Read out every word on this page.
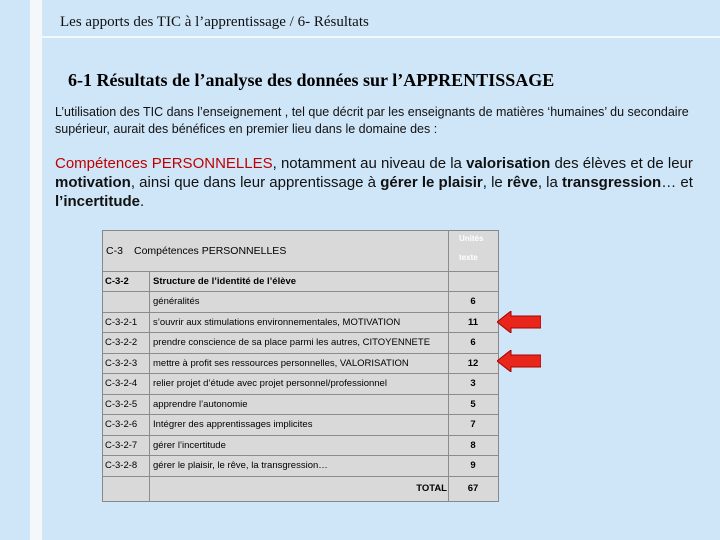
Les apports des TIC à l’apprentissage / 6- Résultats
6-1 Résultats de l’analyse des données sur l’APPRENTISSAGE
L’utilisation des TIC dans l’enseignement , tel que décrit par les enseignants de matières ‘humaines’ du secondaire supérieur, aurait des bénéfices en premier lieu dans le domaine des :
Compétences PERSONNELLES, notamment au niveau de la valorisation des élèves et de leur motivation, ainsi que dans leur apprentissage à gérer le plaisir, le rêve, la transgression… et l’incertitude.
C-3 Compétences PERSONNELLES
Unités
texte
C-3-2	Structure de l’identité de l’élève
généralités	6
C-3-2-1 s’ouvrir aux stimulations environnementales, MOTIVATION	11
C-3-2-2 prendre conscience de sa place parmi les autres, CITOYENNETE	6
C-3-2-3 mettre à profit ses ressources personnelles, VALORISATION	12
C-3-2-4 relier projet d’étude avec projet personnel/professionnel	3
C-3-2-5 apprendre l’autonomie	5
C-3-2-6 Intégrer des apprentissages implicites	7
C-3-2-7 gérer l’incertitude	8
C-3-2-8 gérer le plaisir, le rêve, la transgression…	9
TOTAL	67
